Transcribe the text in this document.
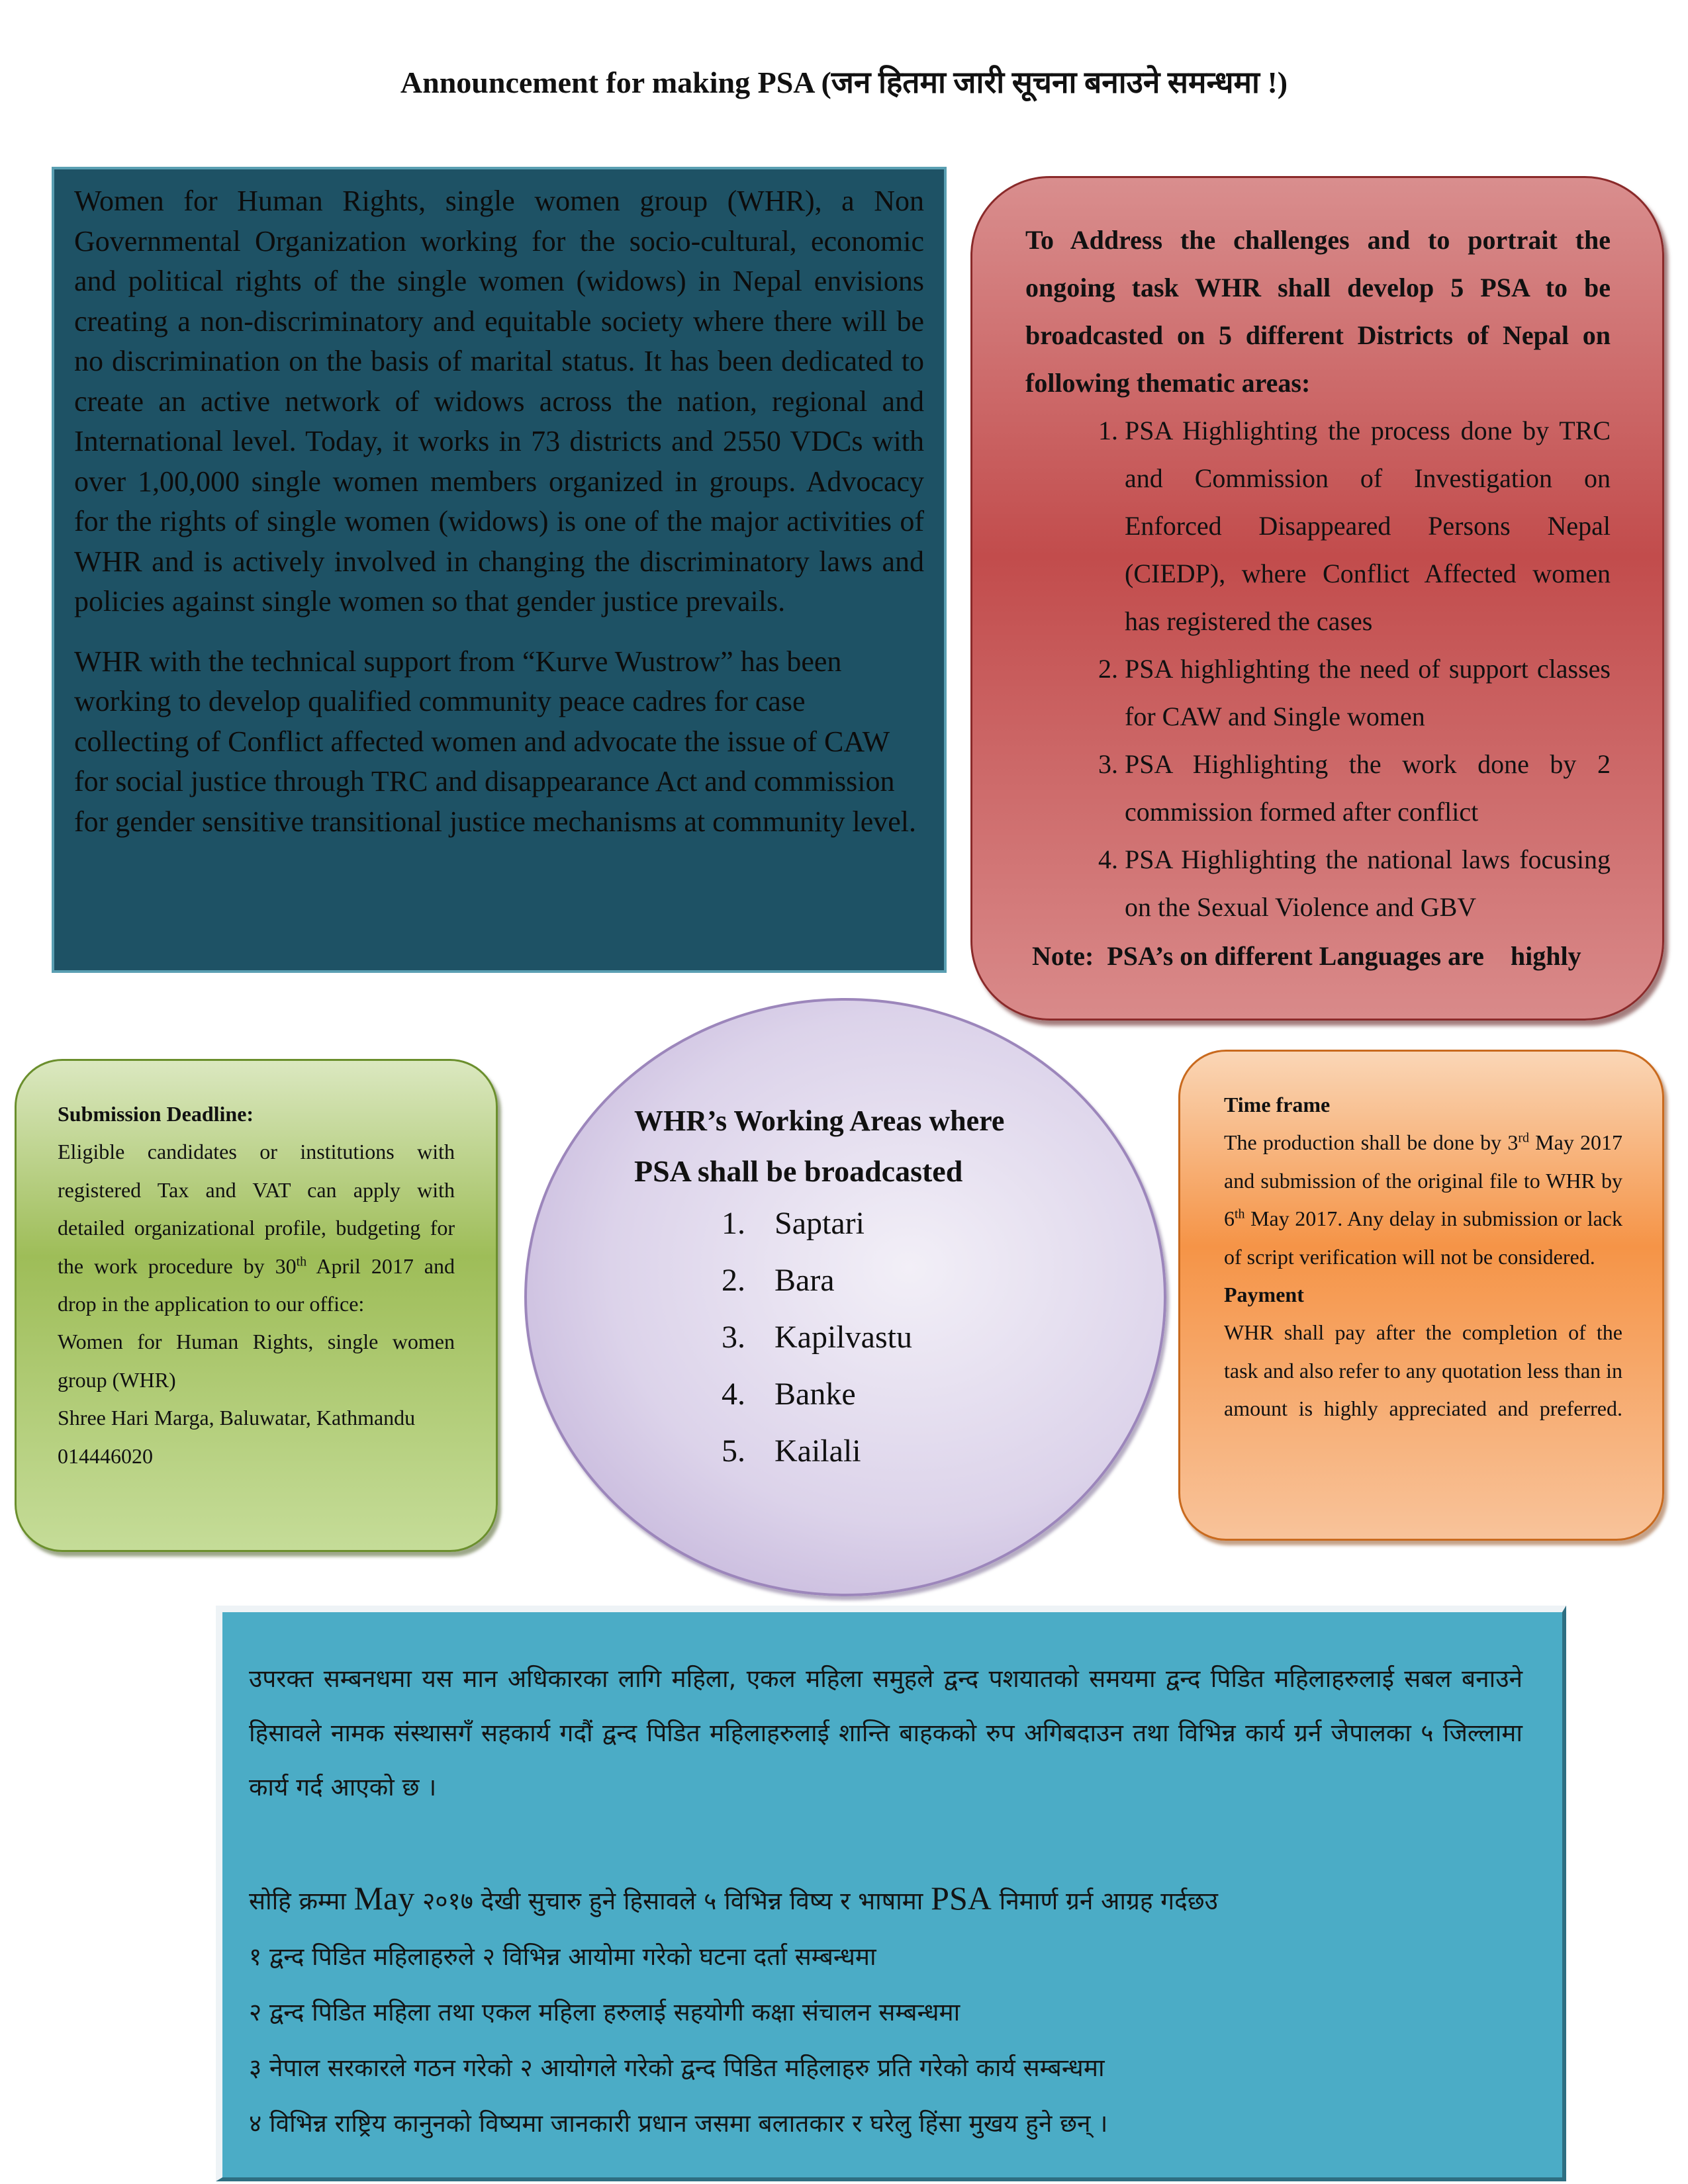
Announcement for making PSA (जन हितमा जारी सूचना बनाउने समन्धमा !)

Women for Human Rights, single women group (WHR), a Non Governmental Organization working for the socio-cultural, economic and political rights of the single women (widows) in Nepal envisions creating a non-discriminatory and equitable society where there will be no discrimination on the basis of marital status. It has been dedicated to create an active network of widows across the nation, regional and International level. Today, it works in 73 districts and 2550 VDCs with over 1,00,000 single women members organized in groups. Advocacy for the rights of single women (widows) is one of the major activities of WHR and is actively involved in changing the discriminatory laws and policies against single women so that gender justice prevails.

WHR with the technical support from “Kurve Wustrow” has been working to develop qualified community peace cadres for case collecting of Conflict affected women and advocate the issue of CAW for social justice through TRC and disappearance Act and commission for gender sensitive transitional justice mechanisms at community level.

To Address the challenges and to portrait the ongoing task WHR shall develop 5 PSA to be broadcasted on 5 different Districts of Nepal on following thematic areas:

1. PSA Highlighting the process done by TRC and Commission of Investigation on Enforced Disappeared Persons Nepal (CIEDP), where Conflict Affected women has registered the cases
2. PSA highlighting the need of support classes for CAW and Single women
3. PSA Highlighting the work done by 2 commission formed after conflict
4. PSA Highlighting the national laws focusing on the Sexual Violence and GBV

Note:  PSA’s on different Languages are    highly

Submission Deadline:

Eligible candidates or institutions with registered Tax and VAT can apply with detailed organizational profile, budgeting for the work procedure by 30th April 2017 and drop in the application to our office:

Women for Human Rights, single women group (WHR)

Shree Hari Marga, Baluwatar, Kathmandu

014446020

WHR’s Working Areas where
PSA shall be broadcasted
1. Saptari
2. Bara
3. Kapilvastu
4. Banke
5. Kailali

Time frame

The production shall be done by 3rd May 2017 and submission of the original file to WHR by 6th May 2017. Any delay in submission or lack of script verification will not be considered.

Payment

WHR shall pay after the completion of the task and also refer to any quotation less than in amount is highly appreciated and preferred.

उपरक्त सम्बनधमा यस मान अधिकारका लागि महिला, एकल महिला समुहले द्वन्द पशयातको समयमा द्वन्द पिडित महिलाहरुलाई सबल बनाउने हिसावले नामक संस्थासगँ सहकार्य गदौं द्वन्द पिडित महिलाहरुलाई शान्ति बाहकको रुप अगिबदाउन तथा विभिन्न कार्य ग्रर्न जेपालका ५ जिल्लामा कार्य गर्द आएको छ ।

सोहि क्रम्मा May २०१७ देखी सुचारु हुने हिसावले ५ विभिन्न विष्य र भाषामा PSA निमार्ण ग्रर्न आग्रह गर्दछउ

१ द्वन्द पिडित महिलाहरुले २ विभिन्न आयोमा गरेको घटना दर्ता सम्बन्धमा

२ द्वन्द पिडित महिला तथा एकल महिला हरुलाई सहयोगी कक्षा संचालन सम्बन्धमा

३ नेपाल सरकारले गठन गरेको २ आयोगले गरेको द्वन्द पिडित महिलाहरु प्रति गरेको कार्य सम्बन्धमा

४ विभिन्न राष्ट्रिय कानुनको विष्यमा जानकारी प्रधान जसमा बलातकार र घरेलु हिंसा मुखय हुने छन् ।
